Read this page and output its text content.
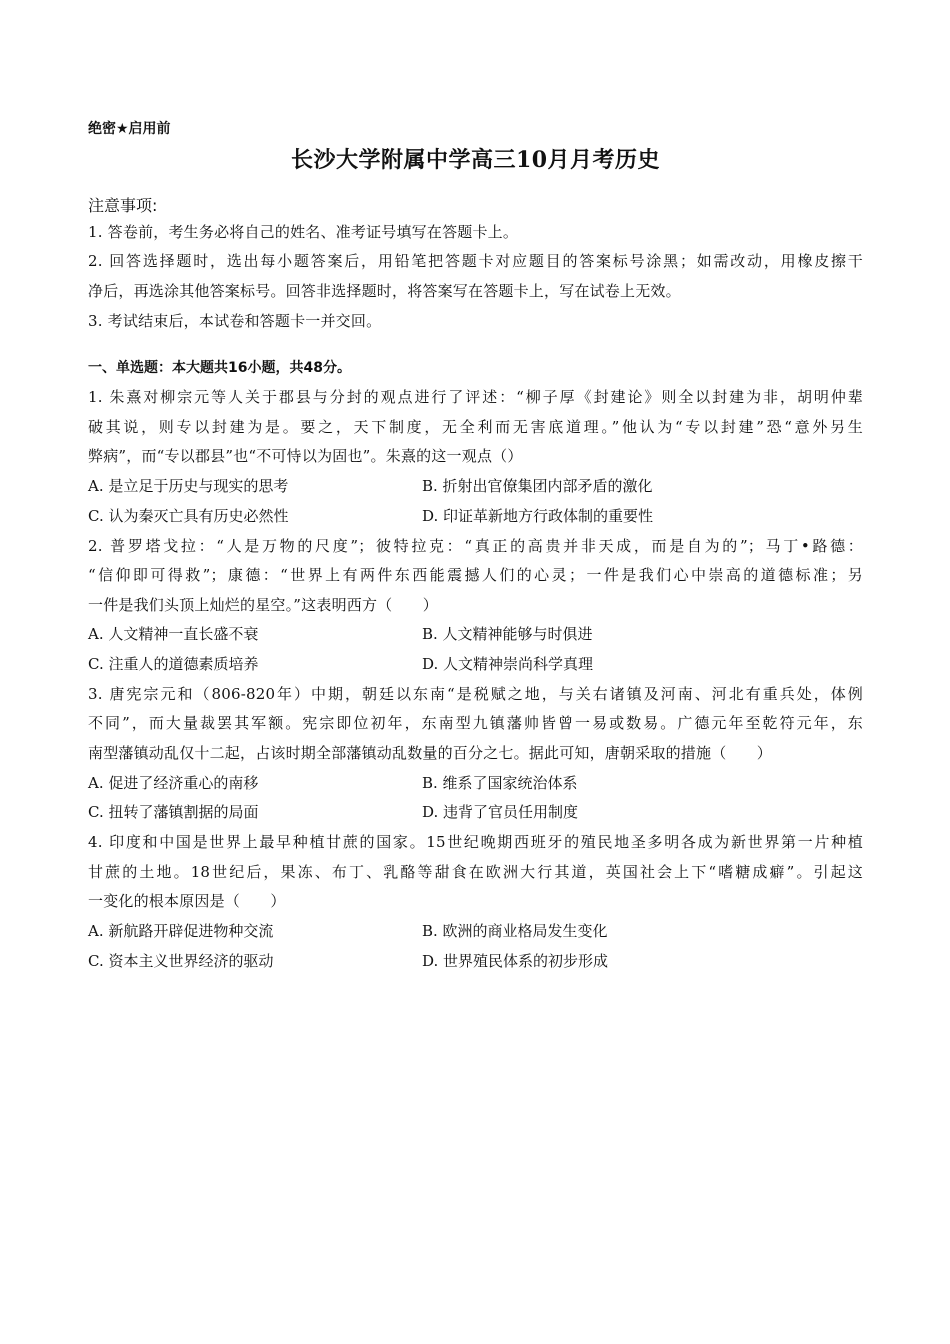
绝密★启用前
长沙大学附属中学高三10月月考历史
注意事项:
1. 答卷前，考生务必将自己的姓名、准考证号填写在答题卡上。
2. 回答选择题时，选出每小题答案后，用铅笔把答题卡对应题目的答案标号涂黑；如需改动，用橡皮擦干
净后，再选涂其他答案标号。回答非选择题时，将答案写在答题卡上，写在试卷上无效。
3. 考试结束后，本试卷和答题卡一并交回。
一、单选题：本大题共16小题，共48分。
1. 朱熹对柳宗元等人关于郡县与分封的观点进行了评述：“柳子厚《封建论》则全以封建为非，胡明仲辈
破其说，则专以封建为是。要之，天下制度，无全利而无害底道理。”他认为“专以封建”恐“意外另生
弊病”，而“专以郡县”也“不可恃以为固也”。朱熹的这一观点（）
A. 是立足于历史与现实的思考	B. 折射出官僚集团内部矛盾的激化
C. 认为秦灭亡具有历史必然性	D. 印证革新地方行政体制的重要性
2. 普罗塔戈拉：“人是万物的尺度”；彼特拉克：“真正的高贵并非天成，而是自为的”；马丁•路德：
“信仰即可得救”；康德：“世界上有两件东西能震撼人们的心灵；一件是我们心中崇高的道德标准；另
一件是我们头顶上灿烂的星空。”这表明西方（　　）
A. 人文精神一直长盛不衰	B. 人文精神能够与时俱进
C. 注重人的道德素质培养	D. 人文精神崇尚科学真理
3. 唐宪宗元和（806-820年）中期，朝廷以东南“是税赋之地，与关右诸镇及河南、河北有重兵处，体例
不同”，而大量裁罢其军额。宪宗即位初年，东南型九镇藩帅皆曾一易或数易。广德元年至乾符元年，东
南型藩镇动乱仅十二起，占该时期全部藩镇动乱数量的百分之七。据此可知，唐朝采取的措施（　　）
A. 促进了经济重心的南移	B. 维系了国家统治体系
C. 扭转了藩镇割据的局面	D. 违背了官员任用制度
4. 印度和中国是世界上最早种植甘蔗的国家。15世纪晚期西班牙的殖民地圣多明各成为新世界第一片种植
甘蔗的土地。18世纪后，果冻、布丁、乳酪等甜食在欧洲大行其道，英国社会上下“嗜糖成癖”。引起这
一变化的根本原因是（　　）
A. 新航路开辟促进物种交流	B. 欧洲的商业格局发生变化
C. 资本主义世界经济的驱动	D. 世界殖民体系的初步形成
